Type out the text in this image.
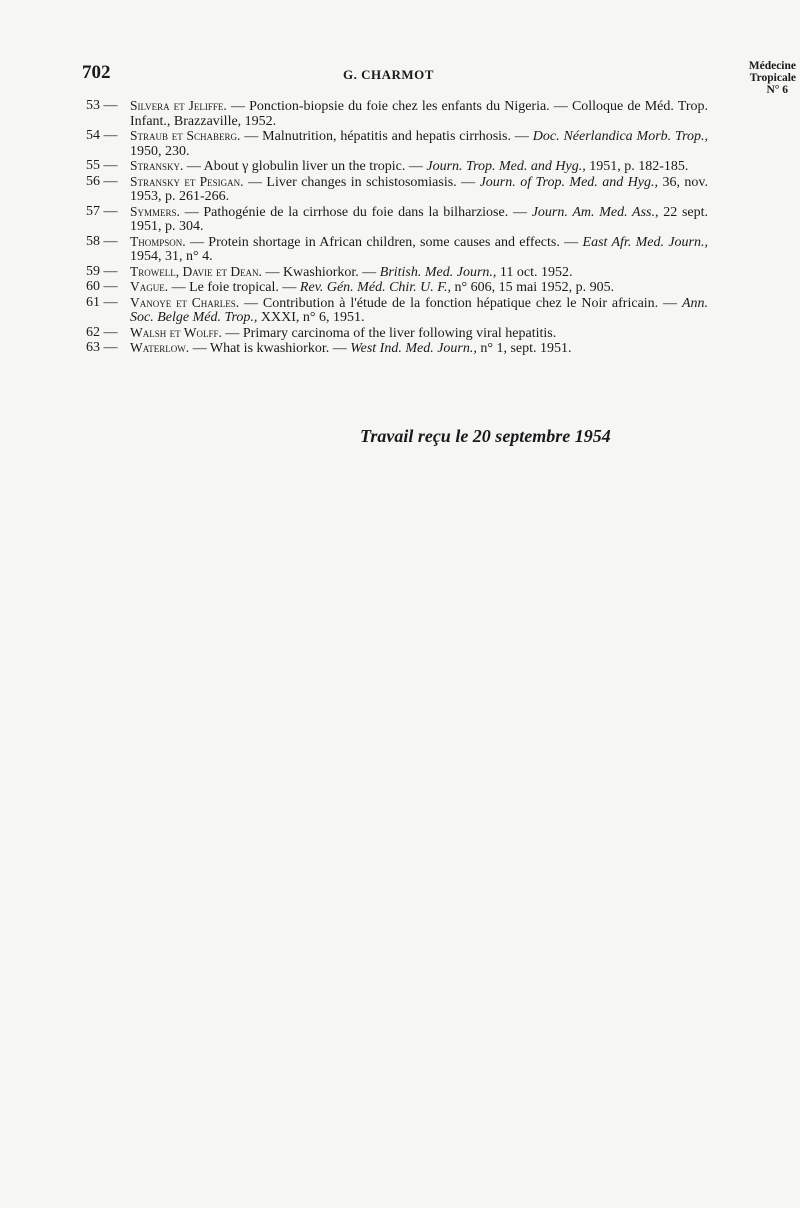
702	G. CHARMOT
Médecine
Tropicale
N° 6
53 — Silvera et Jeliffe. — Ponction-biopsie du foie chez les enfants du Nigeria. — Colloque de Méd. Trop. Infant., Brazzaville, 1952.
54 — Straub et Schaberg. — Malnutrition, hépatitis and hepatis cirrhosis. — Doc. Néerlandica Morb. Trop., 1950, 230.
55 — Stransky. — About γ globulin liver un the tropic. — Journ. Trop. Med. and Hyg., 1951, p. 182-185.
56 — Stransky et Pesigan. — Liver changes in schistosomiasis. — Journ. of Trop. Med. and Hyg., 36, nov. 1953, p. 261-266.
57 — Symmers. — Pathogénie de la cirrhose du foie dans la bilharziose. — Journ. Am. Med. Ass., 22 sept. 1951, p. 304.
58 — Thompson. — Protein shortage in African children, some causes and effects. — East Afr. Med. Journ., 1954, 31, n° 4.
59 — Trowell, Davie et Dean. — Kwashiorkor. — British. Med. Journ., 11 oct. 1952.
60 — Vague. — Le foie tropical. — Rev. Gén. Méd. Chir. U. F., n° 606, 15 mai 1952, p. 905.
61 — Vanoye et Charles. — Contribution à l'étude de la fonction hépatique chez le Noir africain. — Ann. Soc. Belge Méd. Trop., XXXI, n° 6, 1951.
62 — Walsh et Wolff. — Primary carcinoma of the liver following viral hepatitis.
63 — Waterlow. — What is kwashiorkor. — West Ind. Med. Journ., n° 1, sept. 1951.
Travail reçu le 20 septembre 1954
